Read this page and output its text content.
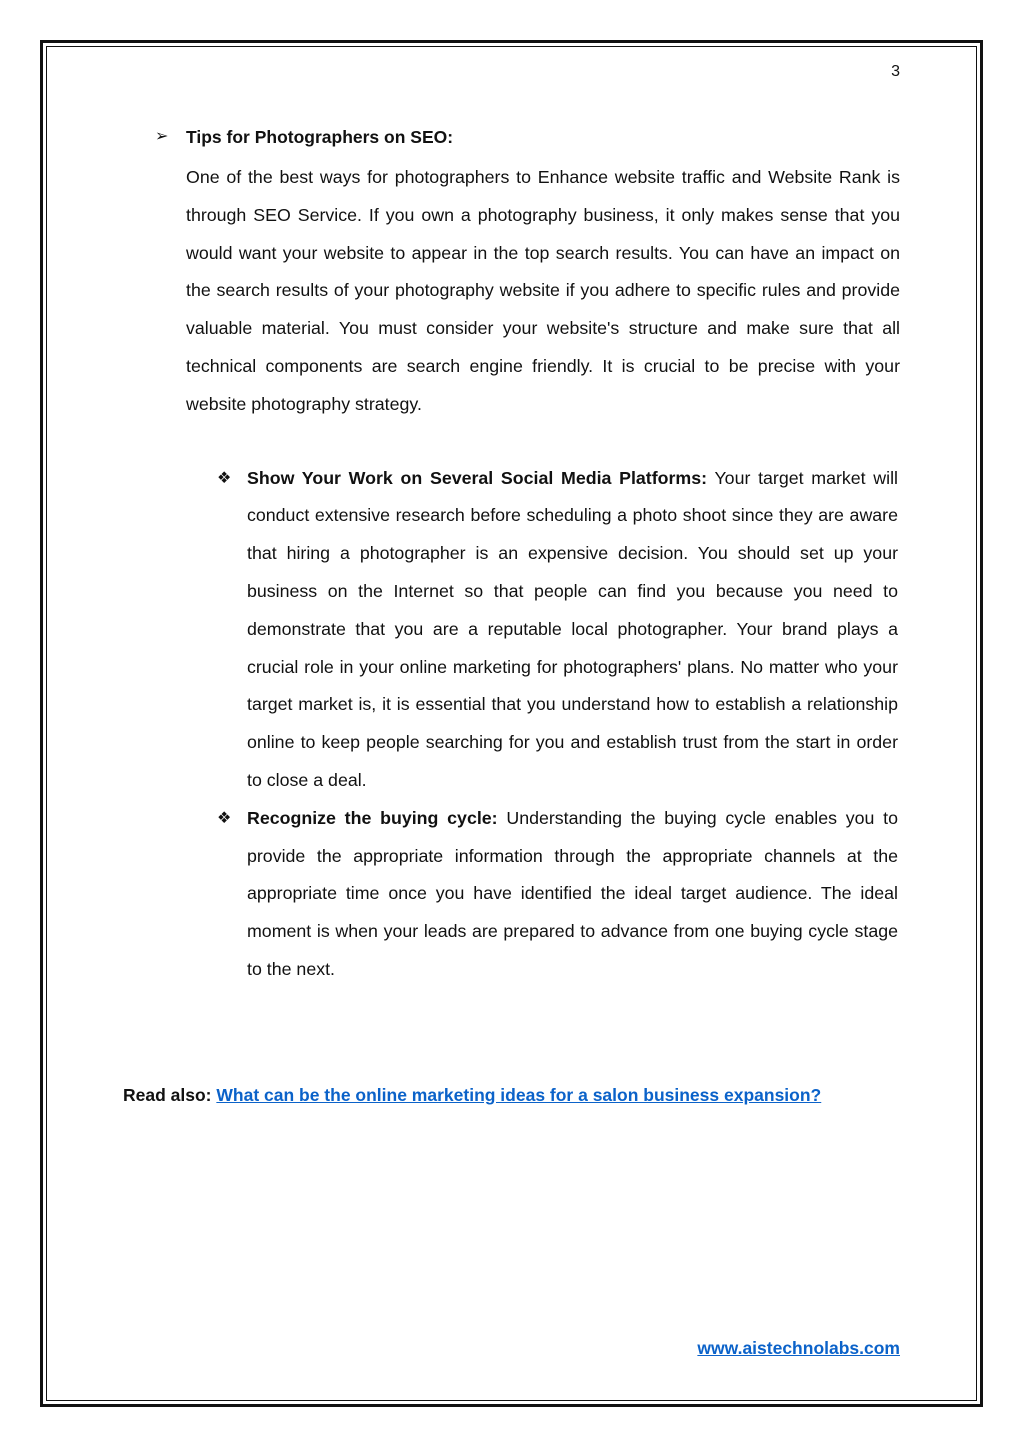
3
➢	Tips for Photographers on SEO:

One of the best ways for photographers to Enhance website traffic and Website Rank is through SEO Service. If you own a photography business, it only makes sense that you would want your website to appear in the top search results. You can have an impact on the search results of your photography website if you adhere to specific rules and provide valuable material. You must consider your website's structure and make sure that all technical components are search engine friendly. It is crucial to be precise with your website photography strategy.

❖ Show Your Work on Several Social Media Platforms: Your target market will conduct extensive research before scheduling a photo shoot since they are aware that hiring a photographer is an expensive decision. You should set up your business on the Internet so that people can find you because you need to demonstrate that you are a reputable local photographer. Your brand plays a crucial role in your online marketing for photographers' plans. No matter who your target market is, it is essential that you understand how to establish a relationship online to keep people searching for you and establish trust from the start in order to close a deal.
❖ Recognize the buying cycle: Understanding the buying cycle enables you to provide the appropriate information through the appropriate channels at the appropriate time once you have identified the ideal target audience. The ideal moment is when your leads are prepared to advance from one buying cycle stage to the next.
Read also: What can be the online marketing ideas for a salon business expansion?
www.aistechnolabs.com
